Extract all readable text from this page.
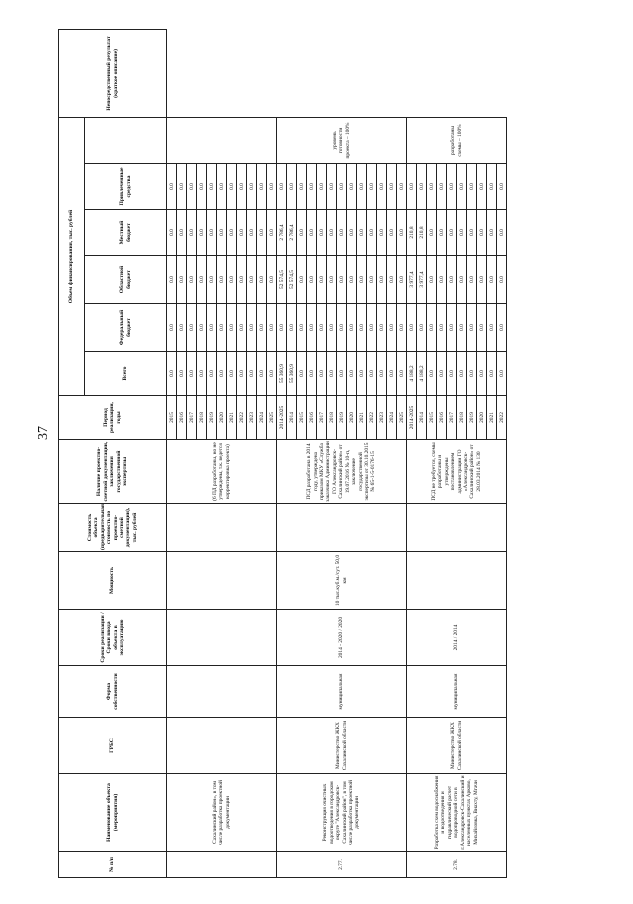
37
№ п/п	Наименование объекта (мероприятия)	ГРБС	Форма собственности	Сроки реализации / Сроки ввода объекта в эксплуатацию	Мощность	Стоимость объекта (предварительная стоимость по проектно-сметной документации), тыс. рублей	Наличие проектно-сметной документации, заключения государственной экспертизы	Период реализации, годы	Объем финансирования, тыс. рублей						Непосредственный результат (краткое описание)
									Всего	Федеральный бюджет	Областной бюджет	Местный бюджет	Привлеченные средства		
	Сахалинский район», в том числе разработка проектной документации						(6 ПД разработаны, но не утверждены, т.к. ведется корректировка проекта)	2015	0.0	0.0	0.0	0.0	0.0		
								2016	0.0	0.0	0.0	0.0	0.0		
								2017	0.0	0.0	0.0	0.0	0.0		
								2018	0.0	0.0	0.0	0.0	0.0		
								2019	0.0	0.0	0.0	0.0	0.0		
								2020	0.0	0.0	0.0	0.0	0.0		
								2021	0.0	0.0	0.0	0.0	0.0		
								2022	0.0	0.0	0.0	0.0	0.0		
								2023	0.0	0.0	0.0	0.0	0.0		
								2024	0.0	0.0	0.0	0.0	0.0		
								2025	0.0	0.0	0.0	0.0	0.0		
2.77.	Реконструкция очистных водоотведения в городском округе "Александровск-Сахалинский район", в том числе разработка проектной документации	Министерство ЖКХ Сахалинской области	муниципальная	2014 - 2020 / 2020	10 тыс.куб.м./сут. 50,0 км		ПСД разработана в 2014 году, утверждена приказом МКУ «Служба заказчика Администрации ГО Александровск-Сахалинский район» от 19.07.2016 № 10-п, заключение государственной экспертизы от 30.10.2015 № 65-1-5-0176-15	2014-2025	55 360,9	0.0	52 574,5	2 786,4	0.0	уровень готовности проекта – 100%	
								2014	55 360,9	0.0	52 574,5	2 786,4	0.0		
								2015	0.0	0.0	0.0	0.0	0.0		
								2016	0.0	0.0	0.0	0.0	0.0		
								2017	0.0	0.0	0.0	0.0	0.0		
								2018	0.0	0.0	0.0	0.0	0.0		
								2019	0.0	0.0	0.0	0.0	0.0		
								2020	0.0	0.0	0.0	0.0	0.0		
								2021	0.0	0.0	0.0	0.0	0.0		
								2022	0.0	0.0	0.0	0.0	0.0		
								2023	0.0	0.0	0.0	0.0	0.0		
								2024	0.0	0.0	0.0	0.0	0.0		
								2025	0.0	0.0	0.0	0.0	0.0		
2.78.	Разработка схем водоснабжения и водоотведения и гидравлический расчет водопроводной сети в г.Александровск-Сахалинский и населенных пунктах Арково, Михайловка, Виахту, Мгачи	Министерство ЖКХ Сахалинской области	муниципальная	2014 / 2014			ПСД не требуется, схемы разработаны и утверждены постановлением администрации ГО «Александровск-Сахалинский район» от 28.03.2014 № 130	2014-2025	4 188,2	0.0	3 977,4	210,8	0.0	разработаны схемы – 100%	
								2014	4 188,2	0.0	3 977,4	210,8	0.0		
								2015	0.0	0.0	0.0	0.0	0.0		
								2016	0.0	0.0	0.0	0.0	0.0		
								2017	0.0	0.0	0.0	0.0	0.0		
								2018	0.0	0.0	0.0	0.0	0.0		
								2019	0.0	0.0	0.0	0.0	0.0		
								2020	0.0	0.0	0.0	0.0	0.0		
								2021	0.0	0.0	0.0	0.0	0.0		
								2022	0.0	0.0	0.0	0.0	0.0		
